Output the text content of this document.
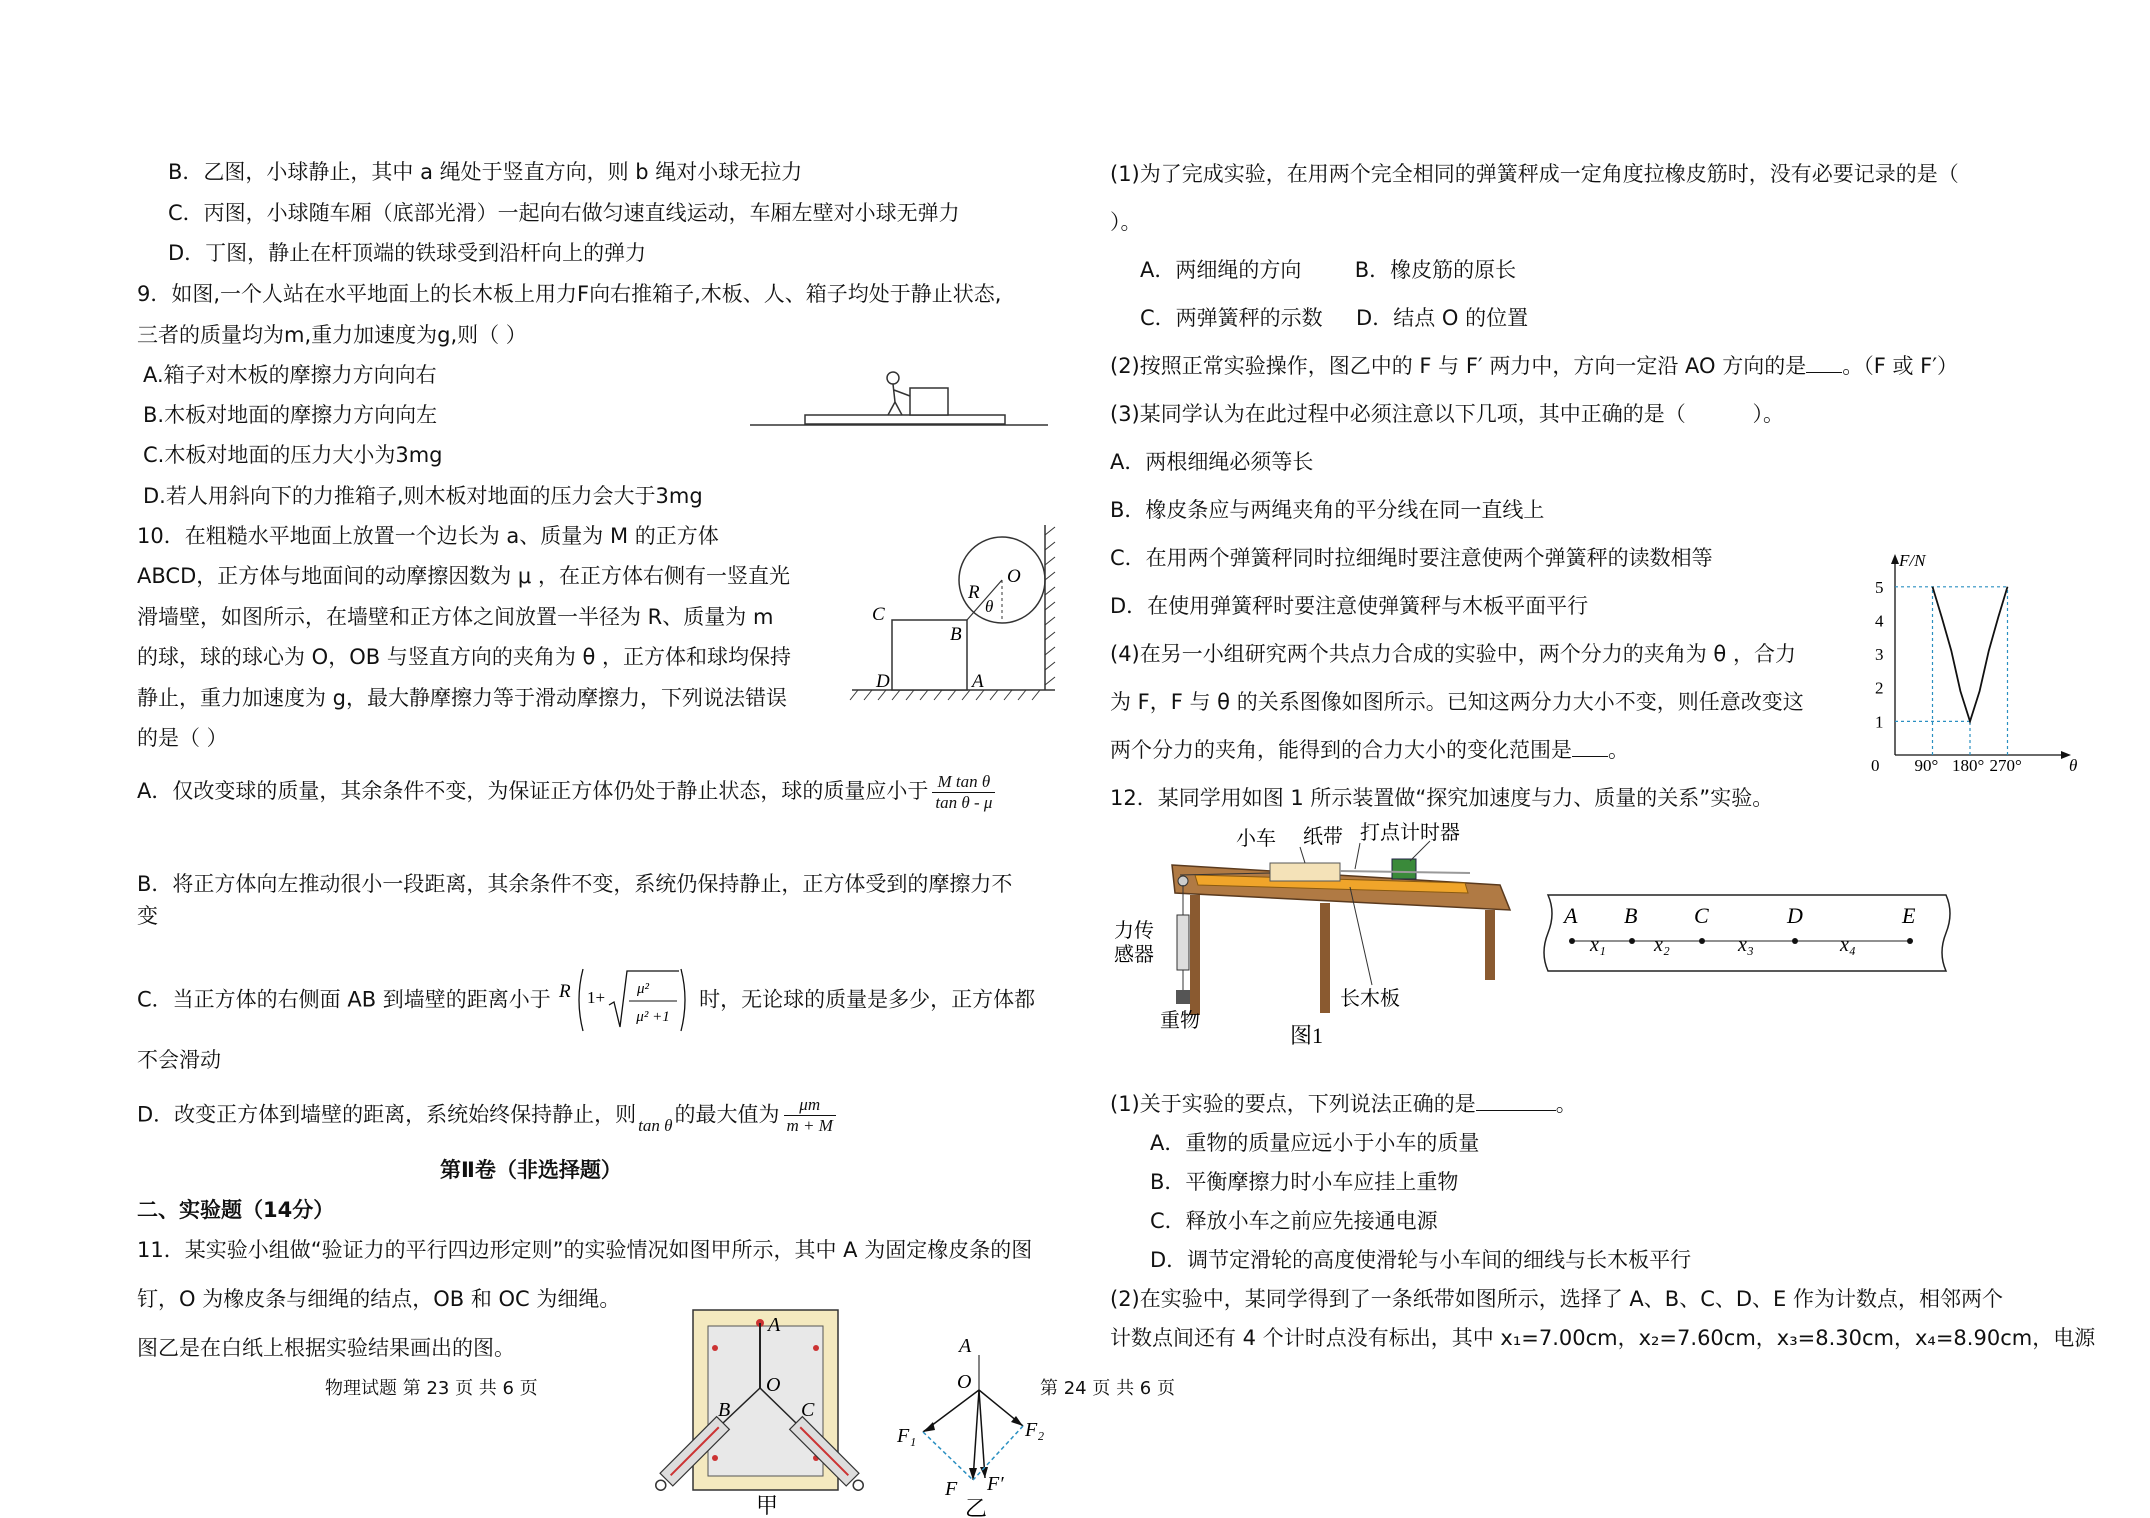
B．乙图，小球静止，其中 a 绳处于竖直方向，则 b 绳对小球无拉力
C．丙图，小球随车厢（底部光滑）一起向右做匀速直线运动，车厢左壁对小球无弹力
D．丁图，静止在杆顶端的铁球受到沿杆向上的弹力
9．如图,一个人站在水平地面上的长木板上用力F向右推箱子,木板、人、箱子均处于静止状态,
三者的质量均为m,重力加速度为g,则（ ）
A.箱子对木板的摩擦力方向向右
B.木板对地面的摩擦力方向向左
C.木板对地面的压力大小为3mg
D.若人用斜向下的力推箱子,则木板对地面的压力会大于3mg
10．在粗糙水平地面上放置一个边长为 a、质量为 M 的正方体
ABCD，正方体与地面间的动摩擦因数为 μ ，在正方体右侧有一竖直光
滑墙壁，如图所示，在墙壁和正方体之间放置一半径为 R、质量为 m
的球，球的球心为 O，OB 与竖直方向的夹角为 θ ，正方体和球均保持
静止，重力加速度为 g，最大静摩擦力等于滑动摩擦力，下列说法错误
的是（ ）
C
B
D	A
R
O
θ
A．仅改变球的质量，其余条件不变，为保证正方体仍处于静止状态，球的质量应小于 $\frac{\text{M tan θ}}{\text{tan θ - μ}}$
B．将正方体向左推动很小一段距离，其余条件不变，系统仍保持静止，正方体受到的摩擦力不
变
C．当正方体的右侧面 AB 到墙壁的距离小于 R 1+ μ²
μ² +1
时，无论球的质量是多少，正方体都
不会滑动
D．改变正方体到墙壁的距离，系统始终保持静止，则 $_{tan \theta}$的最大值为 $\frac{\mu m}{m + M}$
第Ⅱ卷（非选择题）
二、实验题（14分）
11．某实验小组做“验证力的平行四边形定则”的实验情况如图甲所示，其中 A 为固定橡皮条的图
钉，O 为橡皮条与细绳的结点，OB 和 OC 为细绳。
图乙是在白纸上根据实验结果画出的图。
物理试题 第 23 页 共 6 页	第 24 页 共 6 页
A
O
B	C
甲
A
O
F₁	F₂
F F′
乙
(1)为了完成实验，在用两个完全相同的弹簧秤成一定角度拉橡皮筋时，没有必要记录的是（
）。
A．两细绳的方向        B．橡皮筋的原长
C．两弹簧秤的示数     D．结点 O 的位置
(2)按照正常实验操作，图乙中的 F 与 F′ 两力中，方向一定沿 AO 方向的是 。（F 或 F′）
(3)某同学认为在此过程中必须注意以下几项，其中正确的是（          ）。
A．两根细绳必须等长
B．橡皮条应与两绳夹角的平分线在同一直线上
C．在用两个弹簧秤同时拉细绳时要注意使两个弹簧秤的读数相等
D．在使用弹簧秤时要注意使弹簧秤与木板平面平行
(4)在另一小组研究两个共点力合成的实验中，两个分力的夹角为 θ ，合力
为 F，F 与 θ 的关系图像如图所示。已知这两分力大小不变，则任意改变这
两个分力的夹角，能得到的合力大小的变化范围是 。
1
2
3
4
5
0 90° 180° 270°
F/N
θ
12．某同学用如图 1 所示装置做“探究加速度与力、质量的关系”实验。
小车 纸带 打点计时器
力传
感器
长木板
重物
图1
A B	C	D	E
x₁ x₂	x₃	x₄
(1)关于实验的要点，下列说法正确的是	。
A．重物的质量应远小于小车的质量
B．平衡摩擦力时小车应挂上重物
C．释放小车之前应先接通电源
D．调节定滑轮的高度使滑轮与小车间的细线与长木板平行
(2)在实验中，某同学得到了一条纸带如图所示，选择了 A、B、C、D、E 作为计数点，相邻两个
计数点间还有 4 个计时点没有标出，其中 x₁=7.00cm，x₂=7.60cm，x₃=8.30cm，x₄=8.90cm，电源
